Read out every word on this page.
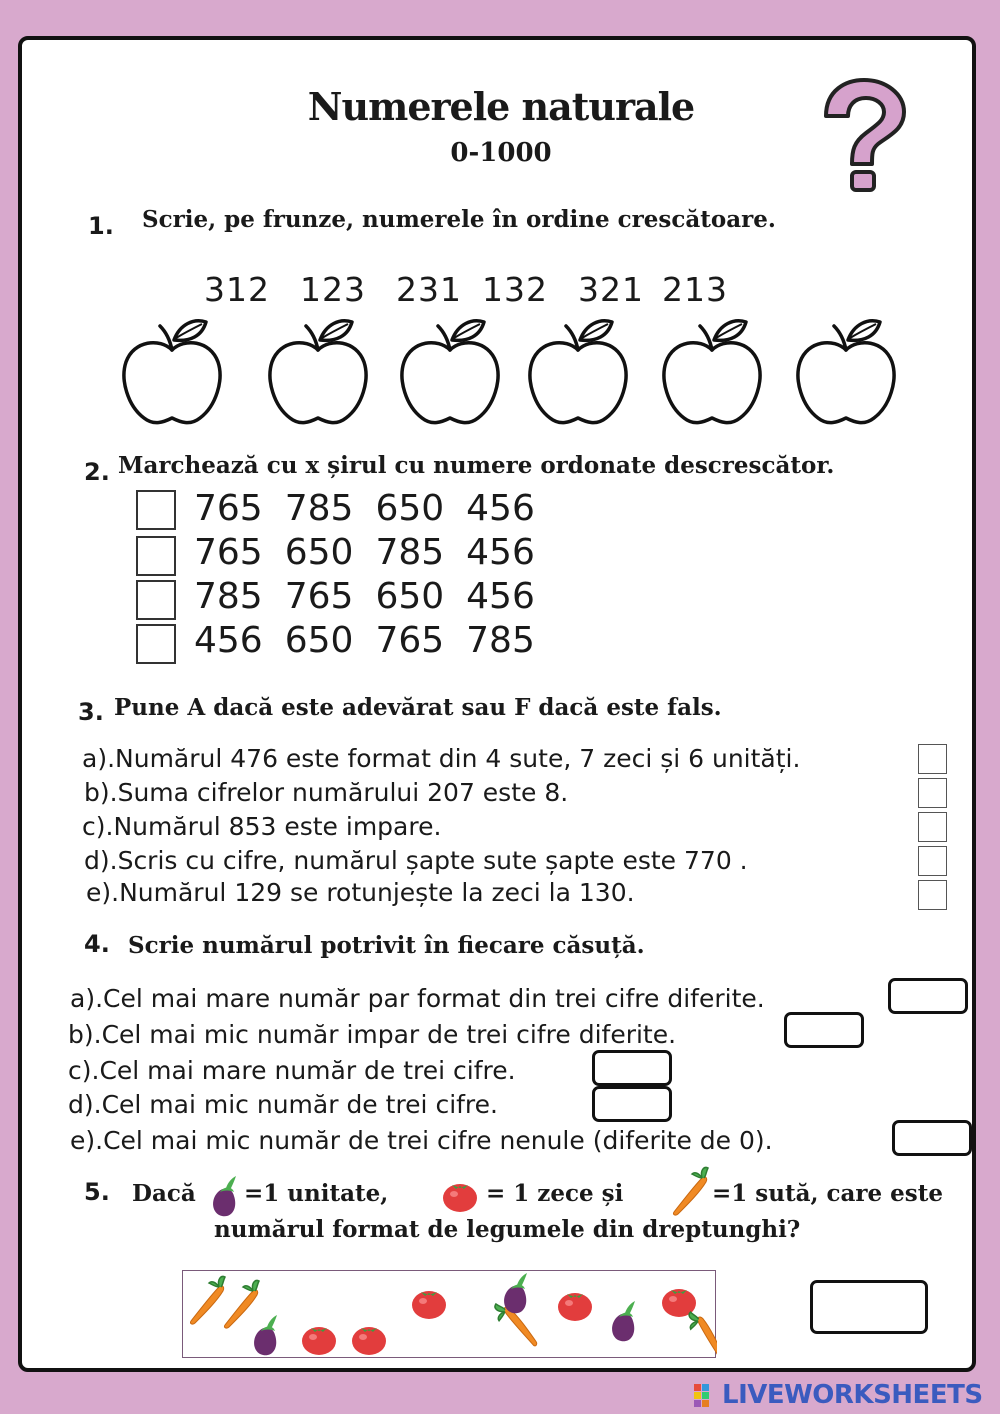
Numerele naturale
0-1000
1. Scrie, pe frunze, numerele în ordine crescătoare.
312 123 231 132 321 213
2. Marchează cu x șirul cu numere ordonate descrescător.
765 785 650 456
765 650 785 456
785 765 650 456
456 650 765 785
3. Pune A dacă este adevărat sau F dacă este fals.
a).Numărul 476 este format din 4 sute, 7 zeci și 6 unități.
b).Suma cifrelor numărului 207 este 8.
c).Numărul 853 este impare.
d).Scris cu cifre, numărul șapte sute șapte este 770 .
e).Numărul 129 se rotunjește la zeci la 130.
4. Scrie numărul potrivit în fiecare căsuță.
a).Cel mai mare număr par format din trei cifre diferite.
b).Cel mai mic număr impar de trei cifre diferite.
c).Cel mai mare număr de trei cifre.
d).Cel mai mic număr de trei cifre.
e).Cel mai mic număr de trei cifre nenule (diferite de 0).
5. Dacă =1 unitate,	= 1 zece și	=1 sută, care este
numărul format de legumele din dreptunghi?
LIVEWORKSHEETS
